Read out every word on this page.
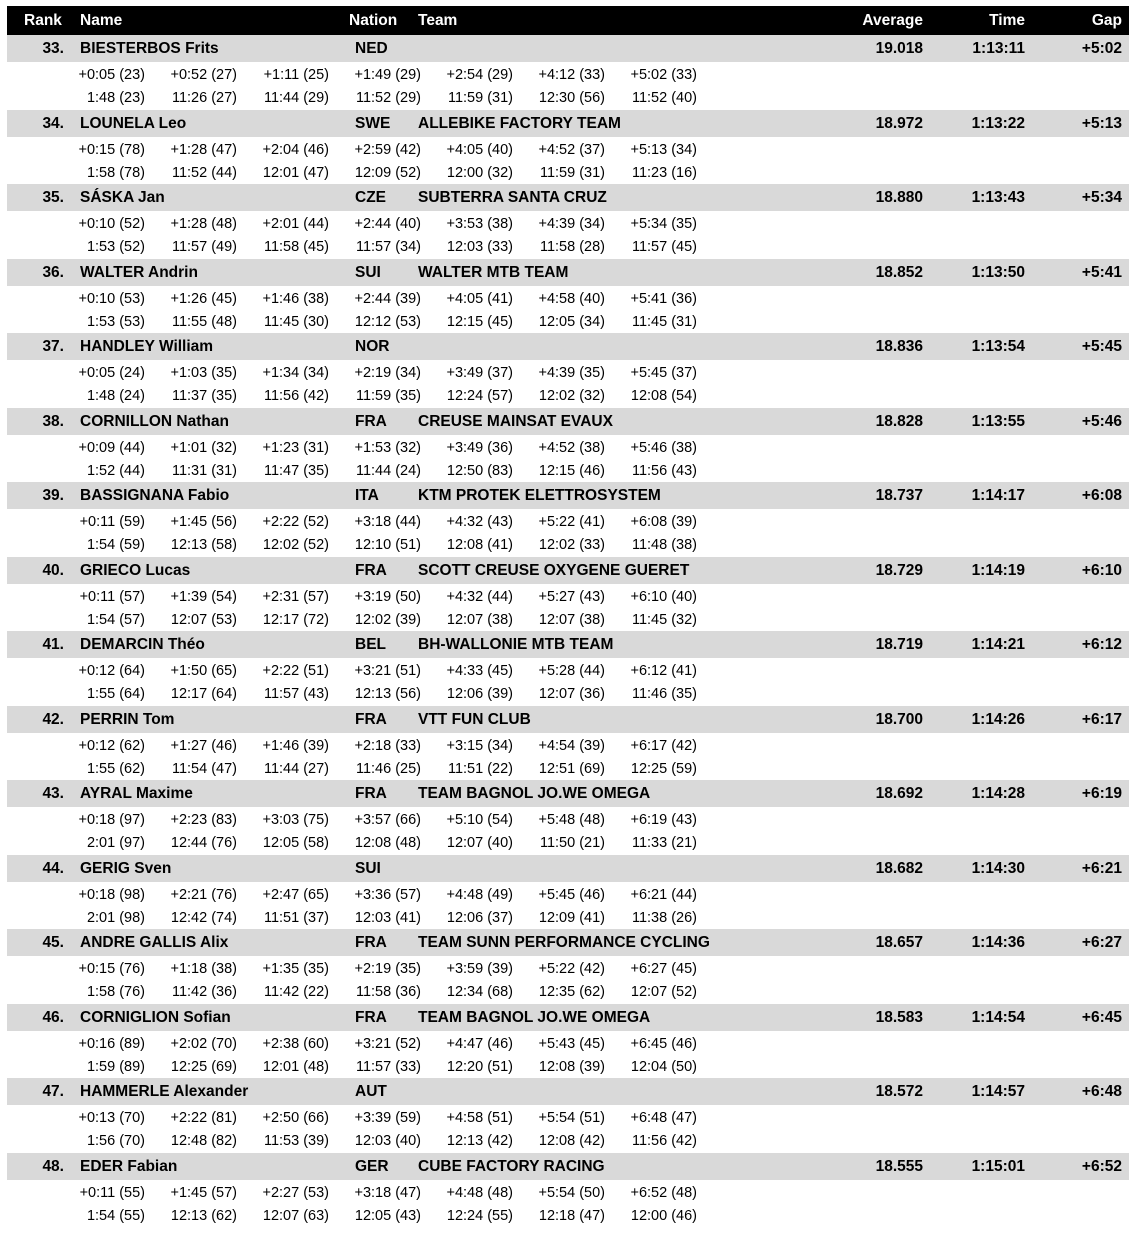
Rank Name	Nation Team	Average	Time	Gap
33. BIESTERBOS Frits	NED	19.018	1:13:11	+5:02
+0:05 (23)	+0:52 (27)	+1:11 (25)	+1:49 (29)	+2:54 (29)	+4:12 (33)	+5:02 (33)
1:48 (23)	11:26 (27)	11:44 (29)	11:52 (29)	11:59 (31)	12:30 (56)	11:52 (40)
34. LOUNELA Leo	SWE ALLEBIKE FACTORY TEAM	18.972	1:13:22	+5:13
+0:15 (78)	+1:28 (47)	+2:04 (46)	+2:59 (42)	+4:05 (40)	+4:52 (37)	+5:13 (34)
1:58 (78)	11:52 (44)	12:01 (47)	12:09 (52)	12:00 (32)	11:59 (31)	11:23 (16)
35. SÁSKA Jan	CZE SUBTERRA SANTA CRUZ	18.880	1:13:43	+5:34
+0:10 (52)	+1:28 (48)	+2:01 (44)	+2:44 (40)	+3:53 (38)	+4:39 (34)	+5:34 (35)
1:53 (52)	11:57 (49)	11:58 (45)	11:57 (34)	12:03 (33)	11:58 (28)	11:57 (45)
36. WALTER Andrin	SUI WALTER MTB TEAM	18.852	1:13:50	+5:41
+0:10 (53)	+1:26 (45)	+1:46 (38)	+2:44 (39)	+4:05 (41)	+4:58 (40)	+5:41 (36)
1:53 (53)	11:55 (48)	11:45 (30)	12:12 (53)	12:15 (45)	12:05 (34)	11:45 (31)
37. HANDLEY William	NOR	18.836	1:13:54	+5:45
+0:05 (24)	+1:03 (35)	+1:34 (34)	+2:19 (34)	+3:49 (37)	+4:39 (35)	+5:45 (37)
1:48 (24)	11:37 (35)	11:56 (42)	11:59 (35)	12:24 (57)	12:02 (32)	12:08 (54)
38. CORNILLON Nathan	FRA CREUSE MAINSAT EVAUX	18.828	1:13:55	+5:46
+0:09 (44)	+1:01 (32)	+1:23 (31)	+1:53 (32)	+3:49 (36)	+4:52 (38)	+5:46 (38)
1:52 (44)	11:31 (31)	11:47 (35)	11:44 (24)	12:50 (83)	12:15 (46)	11:56 (43)
39. BASSIGNANA Fabio	ITA	KTM PROTEK ELETTROSYSTEM	18.737	1:14:17	+6:08
+0:11 (59)	+1:45 (56)	+2:22 (52)	+3:18 (44)	+4:32 (43)	+5:22 (41)	+6:08 (39)
1:54 (59)	12:13 (58)	12:02 (52)	12:10 (51)	12:08 (41)	12:02 (33)	11:48 (38)
40. GRIECO Lucas	FRA SCOTT CREUSE OXYGENE GUERET	18.729	1:14:19	+6:10
+0:11 (57)	+1:39 (54)	+2:31 (57)	+3:19 (50)	+4:32 (44)	+5:27 (43)	+6:10 (40)
1:54 (57)	12:07 (53)	12:17 (72)	12:02 (39)	12:07 (38)	12:07 (38)	11:45 (32)
41. DEMARCIN Théo	BEL BH-WALLONIE MTB TEAM	18.719	1:14:21	+6:12
+0:12 (64)	+1:50 (65)	+2:22 (51)	+3:21 (51)	+4:33 (45)	+5:28 (44)	+6:12 (41)
1:55 (64)	12:17 (64)	11:57 (43)	12:13 (56)	12:06 (39)	12:07 (36)	11:46 (35)
42. PERRIN Tom	FRA VTT FUN CLUB	18.700	1:14:26	+6:17
+0:12 (62)	+1:27 (46)	+1:46 (39)	+2:18 (33)	+3:15 (34)	+4:54 (39)	+6:17 (42)
1:55 (62)	11:54 (47)	11:44 (27)	11:46 (25)	11:51 (22)	12:51 (69)	12:25 (59)
43. AYRAL Maxime	FRA TEAM BAGNOL JO.WE OMEGA	18.692	1:14:28	+6:19
+0:18 (97)	+2:23 (83)	+3:03 (75)	+3:57 (66)	+5:10 (54)	+5:48 (48)	+6:19 (43)
2:01 (97)	12:44 (76)	12:05 (58)	12:08 (48)	12:07 (40)	11:50 (21)	11:33 (21)
44. GERIG Sven	SUI	18.682	1:14:30	+6:21
+0:18 (98)	+2:21 (76)	+2:47 (65)	+3:36 (57)	+4:48 (49)	+5:45 (46)	+6:21 (44)
2:01 (98)	12:42 (74)	11:51 (37)	12:03 (41)	12:06 (37)	12:09 (41)	11:38 (26)
45. ANDRE GALLIS Alix	FRA TEAM SUNN PERFORMANCE CYCLING	18.657	1:14:36	+6:27
+0:15 (76)	+1:18 (38)	+1:35 (35)	+2:19 (35)	+3:59 (39)	+5:22 (42)	+6:27 (45)
1:58 (76)	11:42 (36)	11:42 (22)	11:58 (36)	12:34 (68)	12:35 (62)	12:07 (52)
46. CORNIGLION Sofian	FRA TEAM BAGNOL JO.WE OMEGA	18.583	1:14:54	+6:45
+0:16 (89)	+2:02 (70)	+2:38 (60)	+3:21 (52)	+4:47 (46)	+5:43 (45)	+6:45 (46)
1:59 (89)	12:25 (69)	12:01 (48)	11:57 (33)	12:20 (51)	12:08 (39)	12:04 (50)
47. HAMMERLE Alexander	AUT	18.572	1:14:57	+6:48
+0:13 (70)	+2:22 (81)	+2:50 (66)	+3:39 (59)	+4:58 (51)	+5:54 (51)	+6:48 (47)
1:56 (70)	12:48 (82)	11:53 (39)	12:03 (40)	12:13 (42)	12:08 (42)	11:56 (42)
48. EDER Fabian	GER CUBE FACTORY RACING	18.555	1:15:01	+6:52
+0:11 (55)	+1:45 (57)	+2:27 (53)	+3:18 (47)	+4:48 (48)	+5:54 (50)	+6:52 (48)
1:54 (55)	12:13 (62)	12:07 (63)	12:05 (43)	12:24 (55)	12:18 (47)	12:00 (46)
